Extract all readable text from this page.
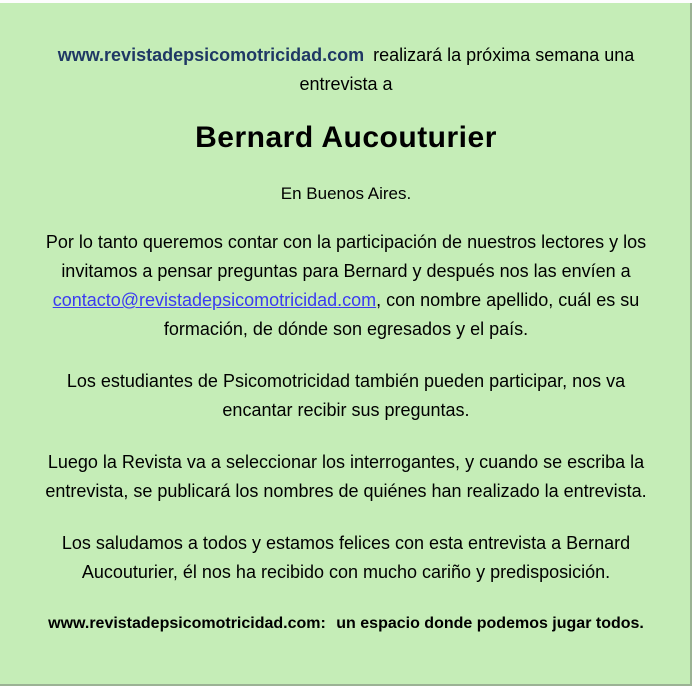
www.revistadepsicomotricidad.com realizará la próxima semana una entrevista a

Bernard Aucouturier

En Buenos Aires.

Por lo tanto queremos contar con la participación de nuestros lectores y los invitamos a pensar preguntas para Bernard y después nos las envíen a contacto@revistadepsicomotricidad.com, con nombre apellido, cuál es su formación, de dónde son egresados y el país.

Los estudiantes de Psicomotricidad también pueden participar, nos va encantar recibir sus preguntas.

Luego la Revista va a seleccionar los interrogantes, y cuando se escriba la entrevista, se publicará los nombres de quiénes han realizado la entrevista.

Los saludamos a todos y estamos felices con esta entrevista a Bernard Aucouturier, él nos ha recibido con mucho cariño y predisposición.

www.revistadepsicomotricidad.com: un espacio donde podemos jugar todos.
